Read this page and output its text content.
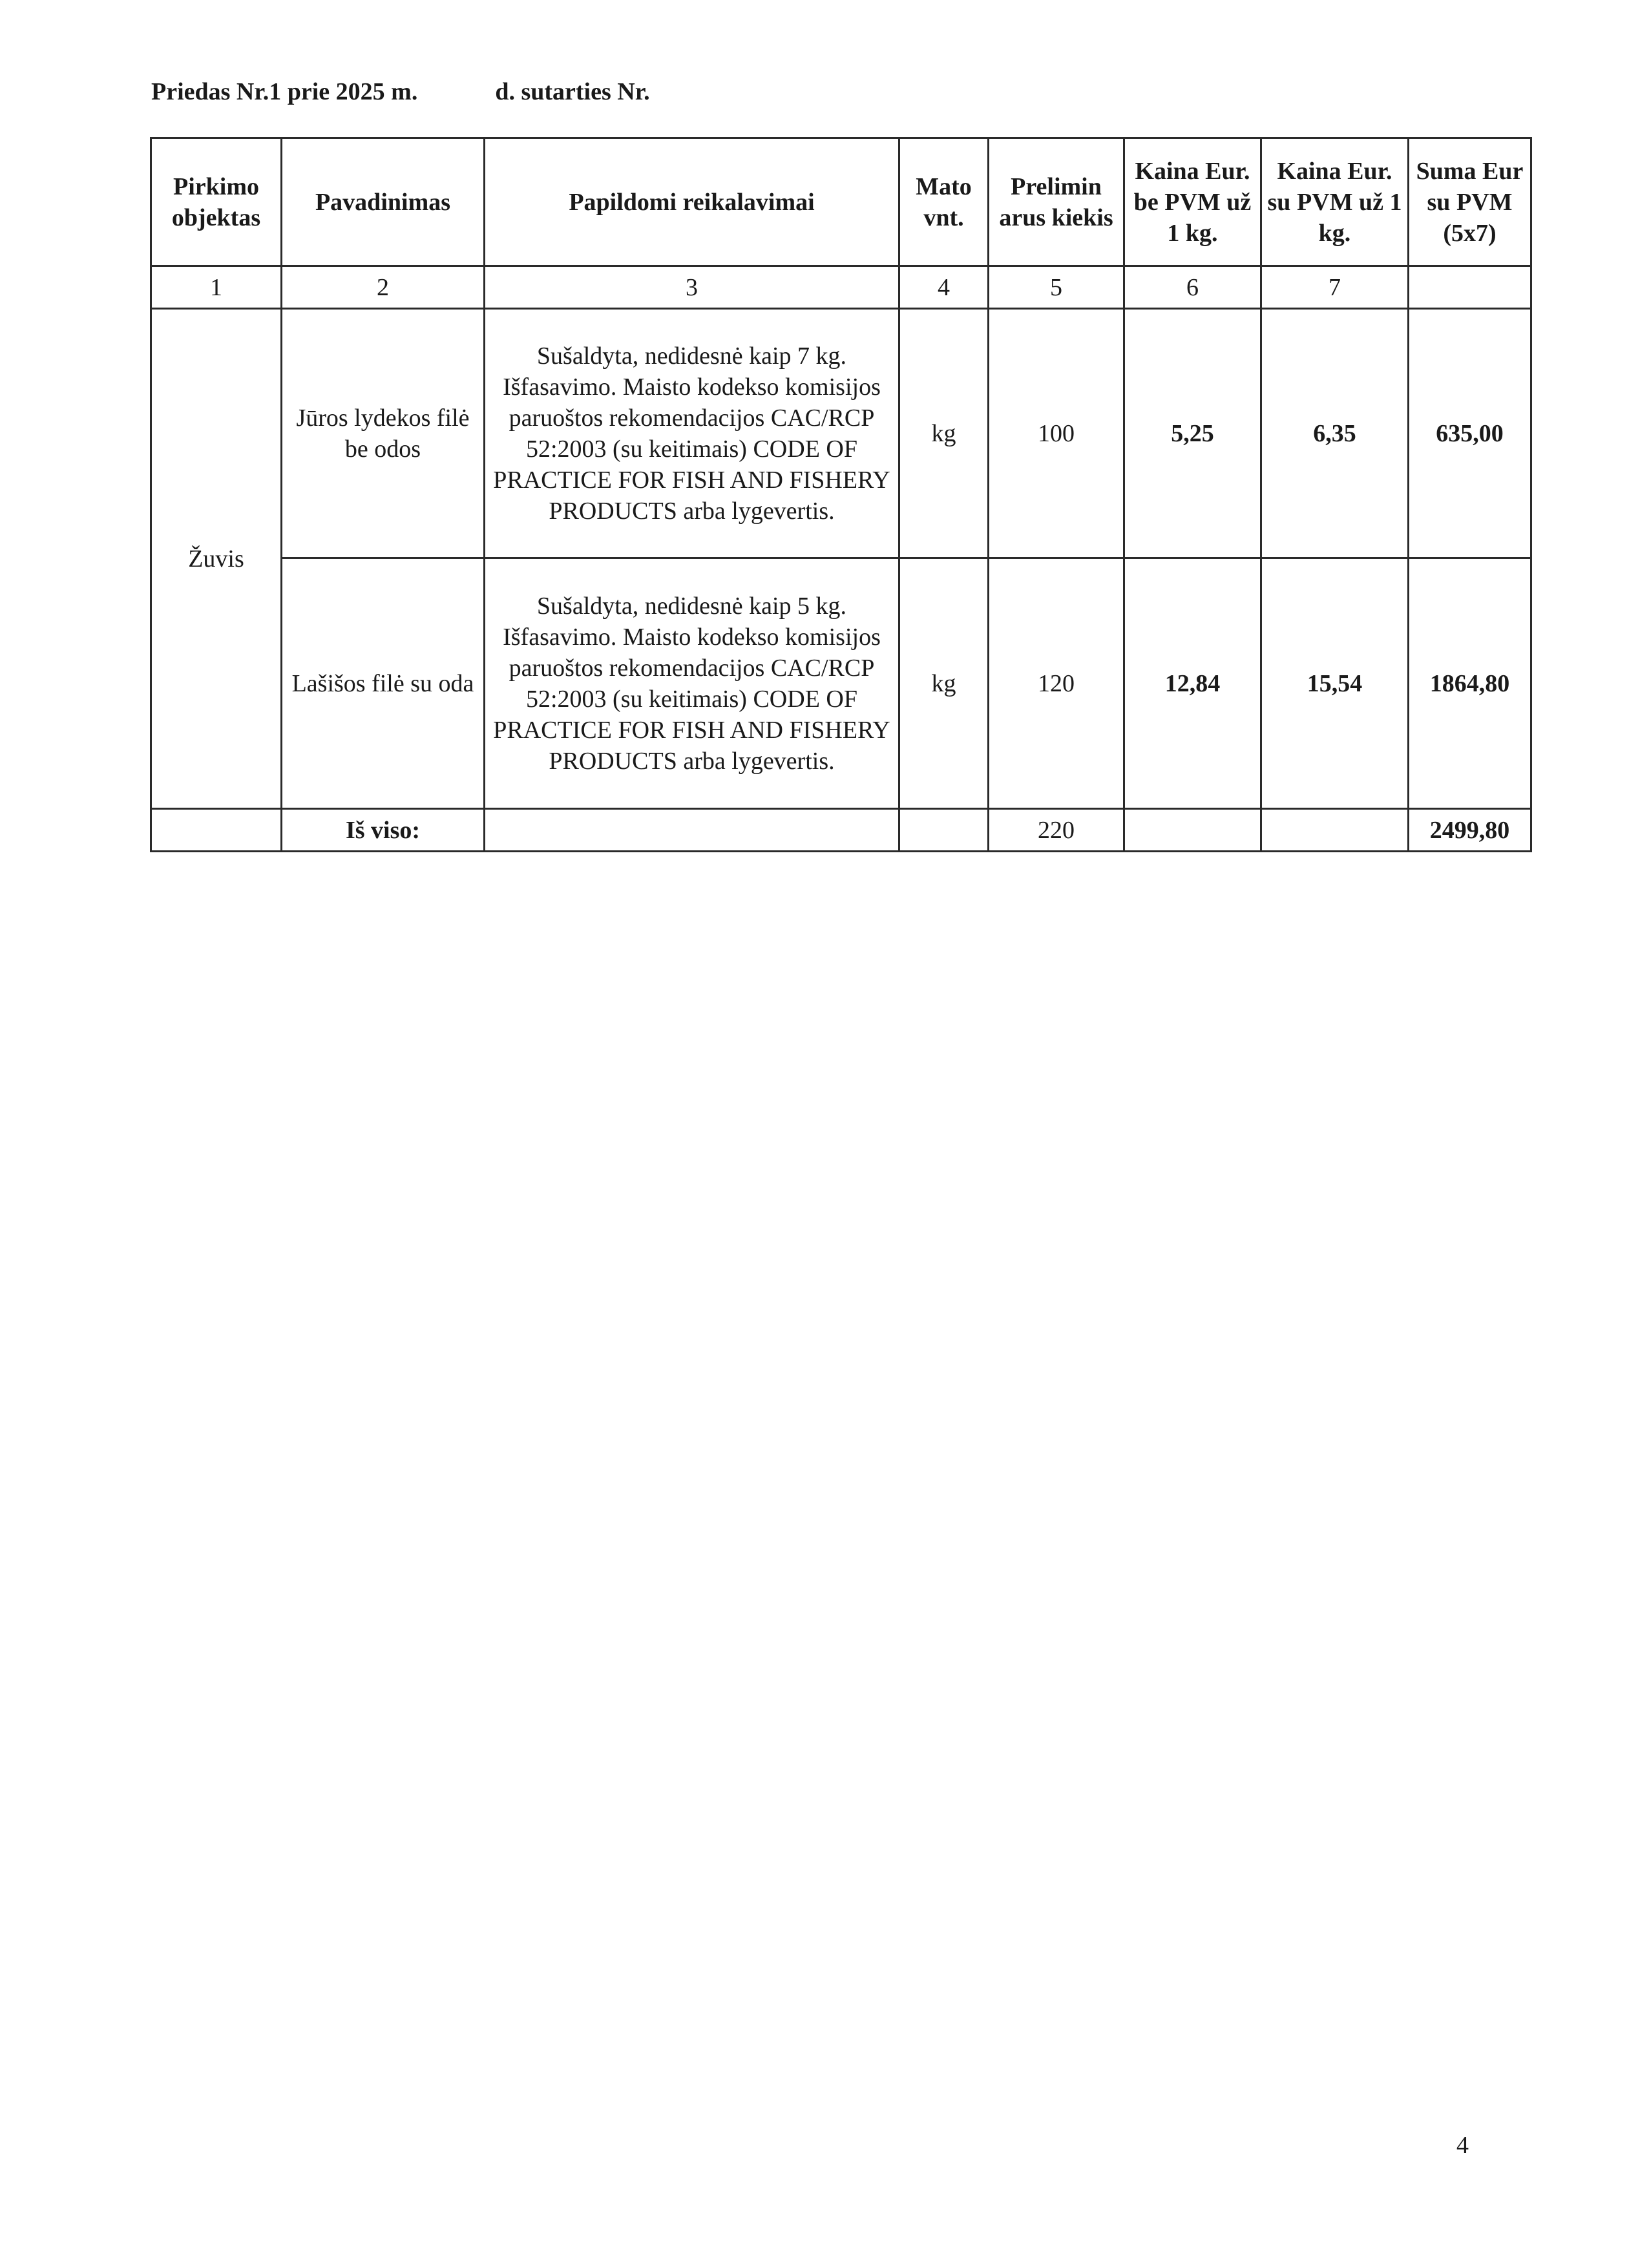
Priedas Nr.1 prie 2025 m.	d. sutarties Nr.
Pirkimo objektas	Pavadinimas	Papildomi reikalavimai	Mato vnt.	Prelimin arus kiekis	Kaina Eur. be PVM už 1 kg.	Kaina Eur. su PVM už 1 kg.	Suma Eur su PVM (5x7)
1	2	3	4	5	6	7	
Žuvis	Jūros lydekos filė be odos	Sušaldyta, nedidesnė kaip 7 kg. Išfasavimo. Maisto kodekso komisijos paruoštos rekomendacijos CAC/RCP 52:2003 (su keitimais) CODE OF PRACTICE FOR FISH AND FISHERY PRODUCTS arba lygevertis.	kg	100	5,25	6,35	635,00
	Lašišos filė su oda	Sušaldyta, nedidesnė kaip 5 kg. Išfasavimo. Maisto kodekso komisijos paruoštos rekomendacijos CAC/RCP 52:2003 (su keitimais) CODE OF PRACTICE FOR FISH AND FISHERY PRODUCTS arba lygevertis.	kg	120	12,84	15,54	1864,80
	Iš viso:			220			2499,80
4
